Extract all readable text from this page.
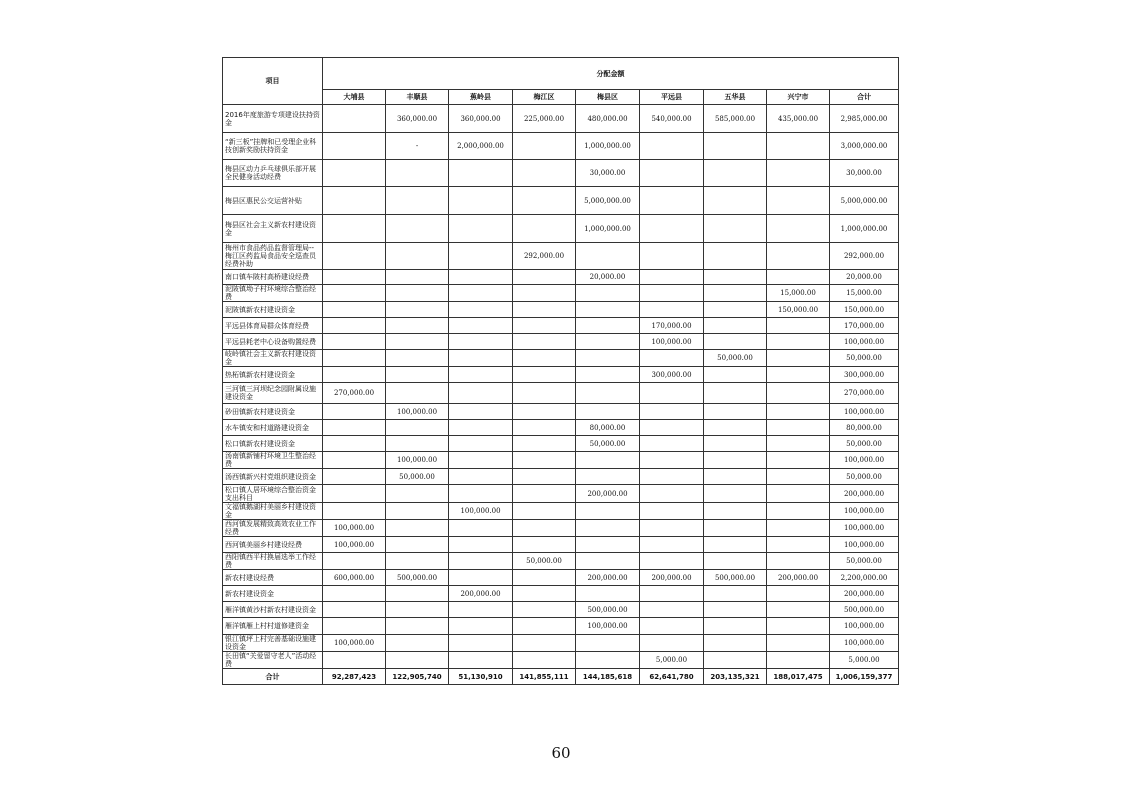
项目	分配金额								
	大埔县	丰顺县	蕉岭县	梅江区	梅县区	平远县	五华县	兴宁市	合计
2016年度旅游专项建设扶持资金		360,000.00	360,000.00	225,000.00	480,000.00	540,000.00	585,000.00	435,000.00	2,985,000.00
“新三板”挂牌和已受理企业科技创新奖励扶持资金		-	2,000,000.00		1,000,000.00				3,000,000.00
梅县区动力乒乓球俱乐部开展全民健身活动经费					30,000.00				30,000.00
梅县区惠民公交运营补贴					5,000,000.00				5,000,000.00
梅县区社会主义新农村建设资金					1,000,000.00				1,000,000.00
梅州市食品药品监督管理局--梅江区药监局食品安全巡查员经费补助				292,000.00					292,000.00
南口镇车陂村高桥建设经费					20,000.00				20,000.00
泥陂镇坳子村环境综合整治经费								15,000.00	15,000.00
泥陂镇新农村建设资金								150,000.00	150,000.00
平远县体育局群众体育经费						170,000.00			170,000.00
平远县耗老中心设备购置经费						100,000.00			100,000.00
岐岭镇社会主义新农村建设资金							50,000.00		50,000.00
热柘镇新农村建设资金						300,000.00			300,000.00
三河镇三河坝纪念园附属设施建设资金	270,000.00								270,000.00
砂田镇新农村建设资金		100,000.00							100,000.00
水车镇安和村道路建设资金					80,000.00				80,000.00
松口镇新农村建设资金					50,000.00				50,000.00
汤南镇新铺村环境卫生整治经费		100,000.00							100,000.00
汤西镇新兴村党组织建设资金		50,000.00							50,000.00
松口镇人居环境综合整治资金支出科目					200,000.00				200,000.00
文福镇鹅湖村美丽乡村建设资金			100,000.00						100,000.00
西河镇发展精致高效农业工作经费	100,000.00								100,000.00
西河镇美丽乡村建设经费	100,000.00								100,000.00
西阳镇西平村换届选举工作经费				50,000.00					50,000.00
新农村建设经费	600,000.00	500,000.00			200,000.00	200,000.00	500,000.00	200,000.00	2,200,000.00
新农村建设资金			200,000.00						200,000.00
雁洋镇黄沙村新农村建设资金					500,000.00				500,000.00
雁洋镇雁上村村道修建资金					100,000.00				100,000.00
银江镇坪上村完善基础设施建设资金	100,000.00								100,000.00
长田镇“关爱留守老人”活动经费						5,000.00			5,000.00
合计	92,287,423	122,905,740	51,130,910	141,855,111	144,185,618	62,641,780	203,135,321	188,017,475	1,006,159,377
60
